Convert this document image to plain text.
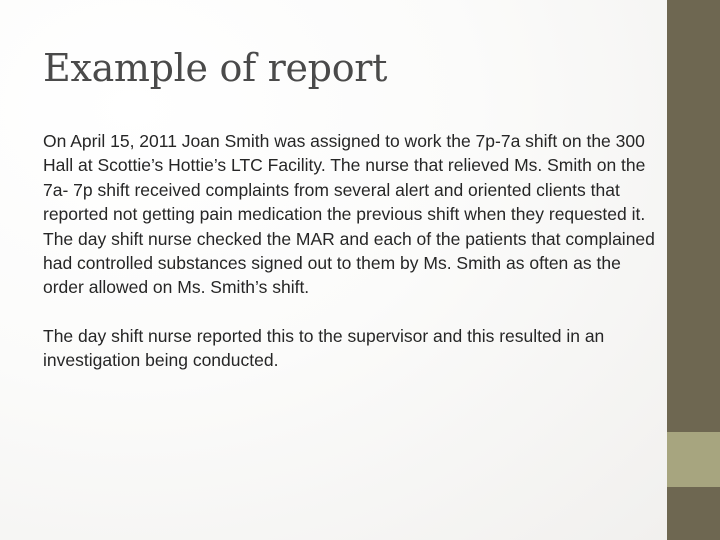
Example of report

On April 15, 2011 Joan Smith was assigned to work the 7p-7a shift on the 300 Hall at Scottie’s Hottie’s LTC Facility. The nurse that relieved Ms. Smith on the 7a- 7p shift received complaints from several alert and oriented clients that reported not getting pain medication the previous shift when they requested it. The day shift nurse checked the MAR and each of the patients that complained had controlled substances signed out to them by Ms. Smith as often as the order allowed on Ms. Smith’s shift.

The day shift nurse reported this to the supervisor and this resulted in an investigation being conducted.
